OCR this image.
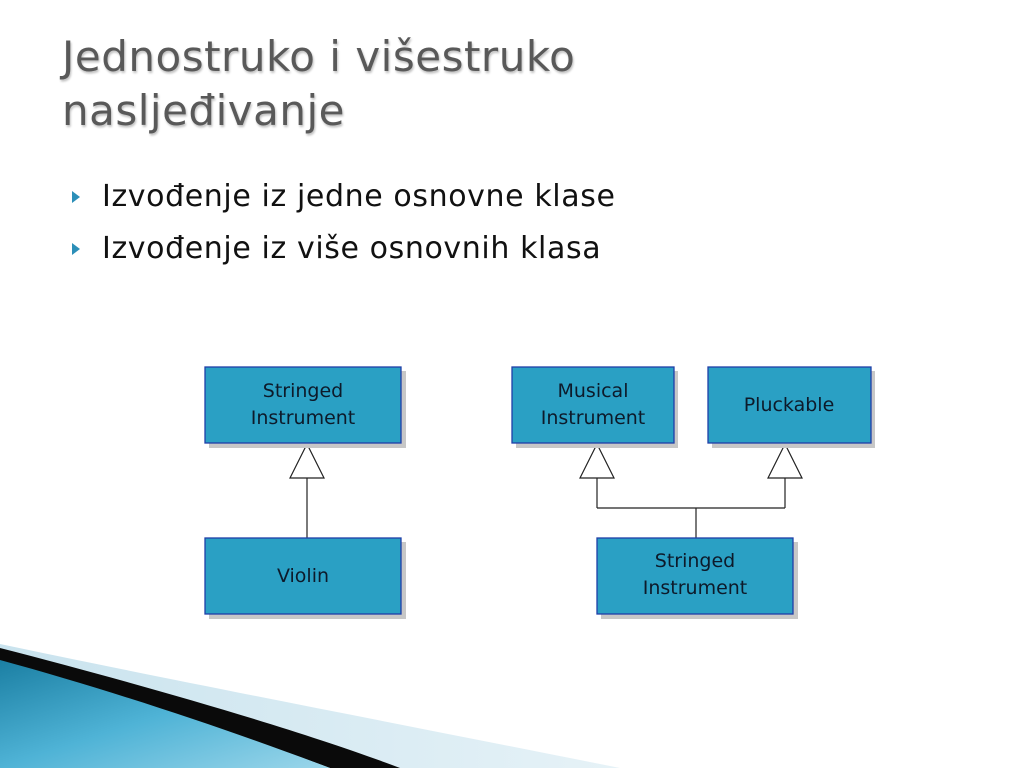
Jednostruko i višestruko
nasljeđivanje
Izvođenje iz jedne osnovne klase
Izvođenje iz više osnovnih klasa
Stringed
Instrument
Violin
Musical
Instrument
Pluckable
Stringed
Instrument
